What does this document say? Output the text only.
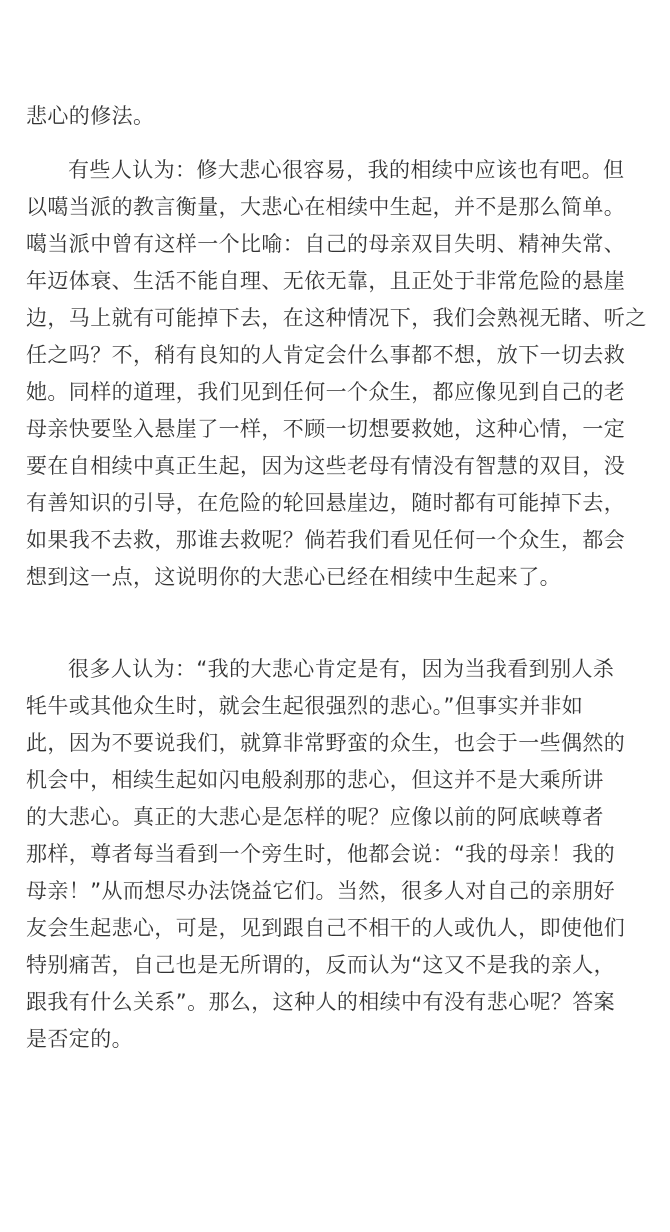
悲心的修法。
有些人认为：修大悲心很容易，我的相续中应该也有吧。但
以噶当派的教言衡量，大悲心在相续中生起，并不是那么简单。
噶当派中曾有这样一个比喻：自己的母亲双目失明、精神失常、
年迈体衰、生活不能自理、无依无靠，且正处于非常危险的悬崖
边，马上就有可能掉下去，在这种情况下，我们会熟视无睹、听之
任之吗？不，稍有良知的人肯定会什么事都不想，放下一切去救
她。同样的道理，我们见到任何一个众生，都应像见到自己的老
母亲快要坠入悬崖了一样，不顾一切想要救她，这种心情，一定
要在自相续中真正生起，因为这些老母有情没有智慧的双目，没
有善知识的引导，在危险的轮回悬崖边，随时都有可能掉下去，
如果我不去救，那谁去救呢？倘若我们看见任何一个众生，都会
想到这一点，这说明你的大悲心已经在相续中生起来了。
很多人认为：“我的大悲心肯定是有，因为当我看到别人杀
牦牛或其他众生时，就会生起很强烈的悲心。”但事实并非如
此，因为不要说我们，就算非常野蛮的众生，也会于一些偶然的
机会中，相续生起如闪电般刹那的悲心，但这并不是大乘所讲
的大悲心。真正的大悲心是怎样的呢？应像以前的阿底峡尊者
那样，尊者每当看到一个旁生时，他都会说：“我的母亲！我的
母亲！”从而想尽办法饶益它们。当然，很多人对自己的亲朋好
友会生起悲心，可是，见到跟自己不相干的人或仇人，即使他们
特别痛苦，自己也是无所谓的，反而认为“这又不是我的亲人，
跟我有什么关系”。那么，这种人的相续中有没有悲心呢？答案
是否定的。
